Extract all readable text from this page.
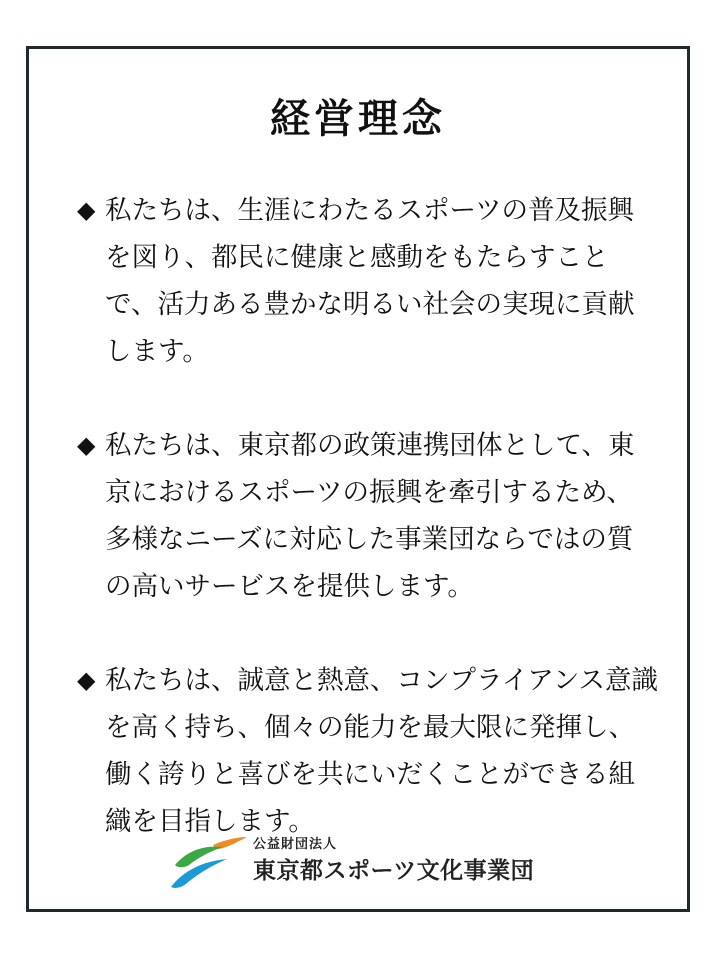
経営理念
◆ 私たちは、生涯にわたるスポーツの普及振興を図り、都民に健康と感動をもたらすことで、活力ある豊かな明るい社会の実現に貢献します。
◆ 私たちは、東京都の政策連携団体として、東京におけるスポーツの振興を牽引するため、多様なニーズに対応した事業団ならではの質の高いサービスを提供します。
◆ 私たちは、誠意と熱意、コンプライアンス意識を高く持ち、個々の能力を最大限に発揮し、働く誇りと喜びを共にいだくことができる組織を目指します。
公益財団法人
東京都スポーツ文化事業団
